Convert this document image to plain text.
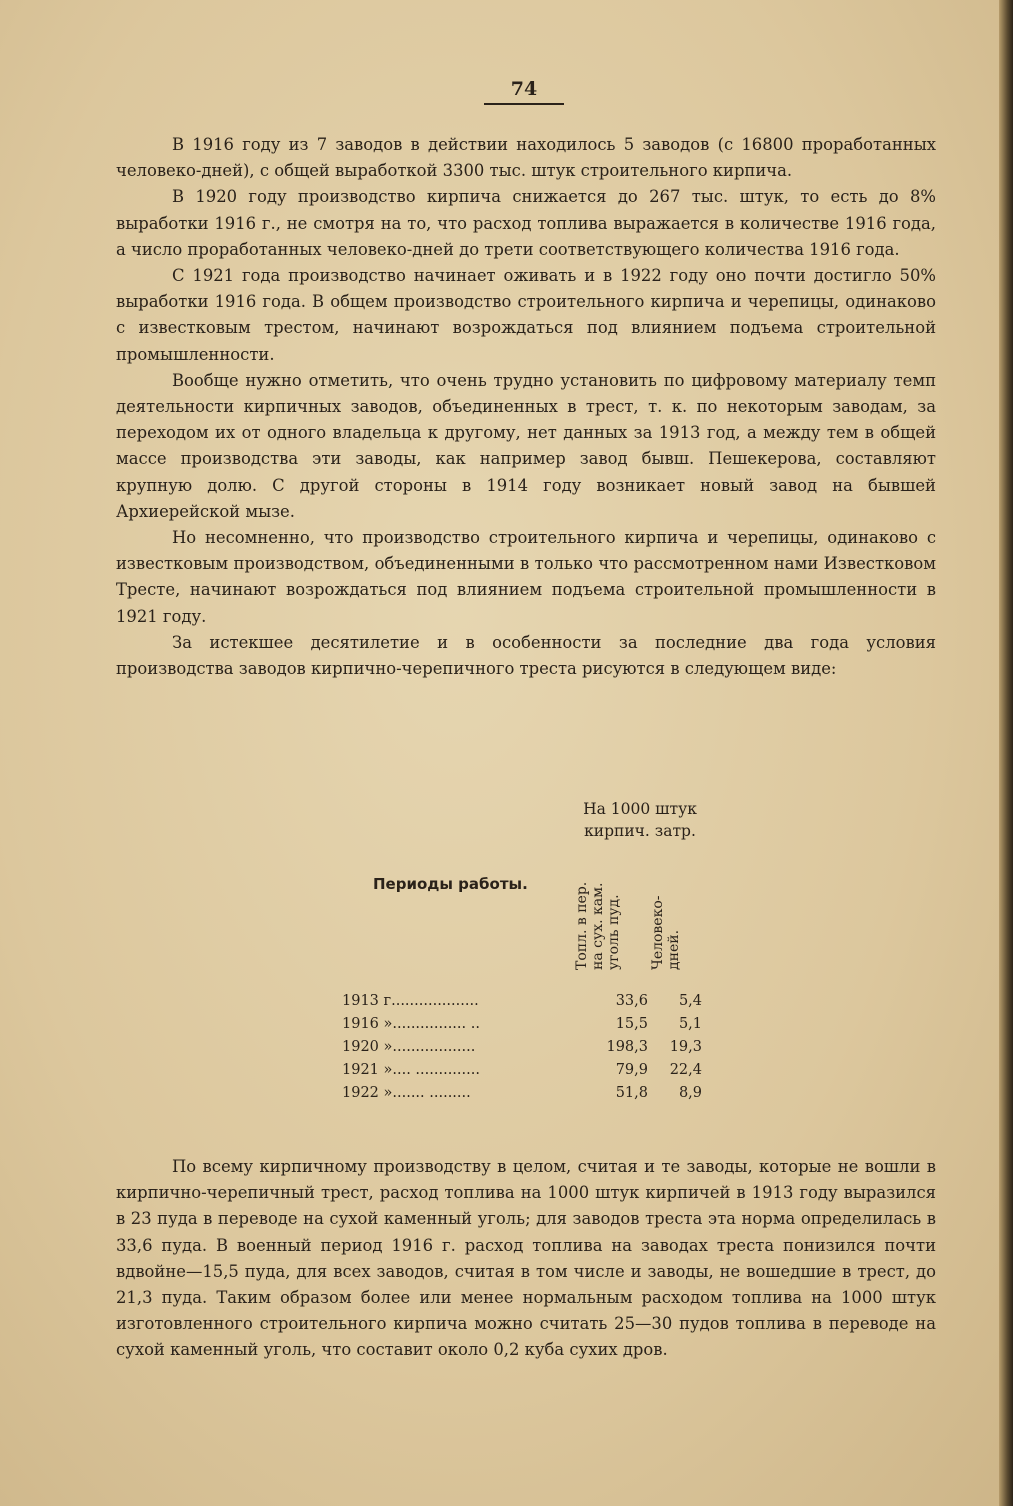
74

В 1916 году из 7 заводов в действии находилось 5 заводов (с 16800 проработанных человеко-дней), с общей выработкой 3300 тыс. штук строительного кирпича.

В 1920 году производство кирпича снижается до 267 тыс. штук, то есть до 8% выработки 1916 г., не смотря на то, что расход топлива выражается в количестве 1916 года, а число проработанных человеко-дней до трети соответствующего количества 1916 года.

С 1921 года производство начинает оживать и в 1922 году оно почти достигло 50% выработки 1916 года. В общем производство строительного кирпича и черепицы, одинаково с известковым трестом, начинают возрождаться под влиянием подъема строительной промышленности.

Вообще нужно отметить, что очень трудно установить по цифровому материалу темп деятельности кирпичных заводов, объединенных в трест, т. к. по некоторым заводам, за переходом их от одного владельца к другому, нет данных за 1913 год, а между тем в общей массе производства эти заводы, как например завод бывш. Пешекерова, составляют крупную долю. С другой стороны в 1914 году возникает новый завод на бывшей Архиерейской мызе.

Но несомненно, что производство строительного кирпича и черепицы, одинаково с известковым производством, объединенными в только что рассмотренном нами Известковом Тресте, начинают возрождаться под влиянием подъема строительной промышленности в 1921 году.

За истекшее десятилетие и в особенности за последние два года условия производства заводов кирпично-черепичного треста рисуются в следующем виде:

На 1000 штук
кирпич. затр.
Периоды работы.	Топл. в пер. на сух. кам. уголь пуд. Человеко- дней.
1913 г...................	33,6 5,4
1916 »................ ..	15,5 5,1
1920 »..................	198,3 19,3
1921 ».... ..............	79,9 22,4
1922 »....... .........	51,8 8,9

По всему кирпичному производству в целом, считая и те заводы, которые не вошли в кирпично-черепичный трест, расход топлива на 1000 штук кирпичей в 1913 году выразился в 23 пуда в переводе на сухой каменный уголь; для заводов треста эта норма определилась в 33,6 пуда. В военный период 1916 г. расход топлива на заводах треста понизился почти вдвойне—15,5 пуда, для всех заводов, считая в том числе и заводы, не вошедшие в трест, до 21,3 пуда. Таким образом более или менее нормальным расходом топлива на 1000 штук изготовленного строительного кирпича можно считать 25—30 пудов топлива в переводе на сухой каменный уголь, что составит около 0,2 куба сухих дров.
